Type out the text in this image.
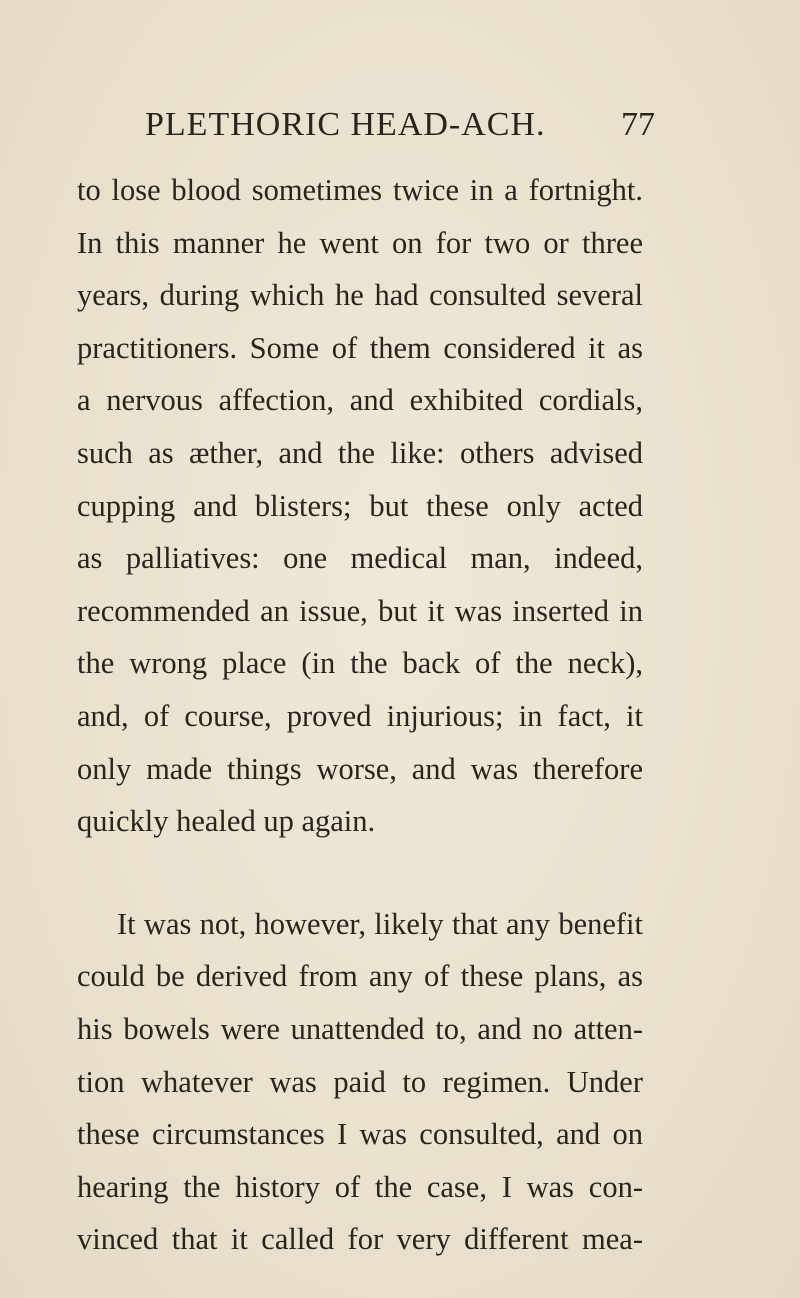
PLETHORIC HEAD-ACH. 77
to lose blood sometimes twice in a fortnight.
In this manner he went on for two or three
years, during which he had consulted several
practitioners. Some of them considered it as
a nervous affection, and exhibited cordials,
such as æther, and the like: others advised
cupping and blisters; but these only acted
as palliatives: one medical man, indeed,
recommended an issue, but it was inserted in
the wrong place (in the back of the neck),
and, of course, proved injurious; in fact, it
only made things worse, and was therefore
quickly healed up again.
It was not, however, likely that any benefit
could be derived from any of these plans, as
his bowels were unattended to, and no atten-
tion whatever was paid to regimen. Under
these circumstances I was consulted, and on
hearing the history of the case, I was con-
vinced that it called for very different mea-
